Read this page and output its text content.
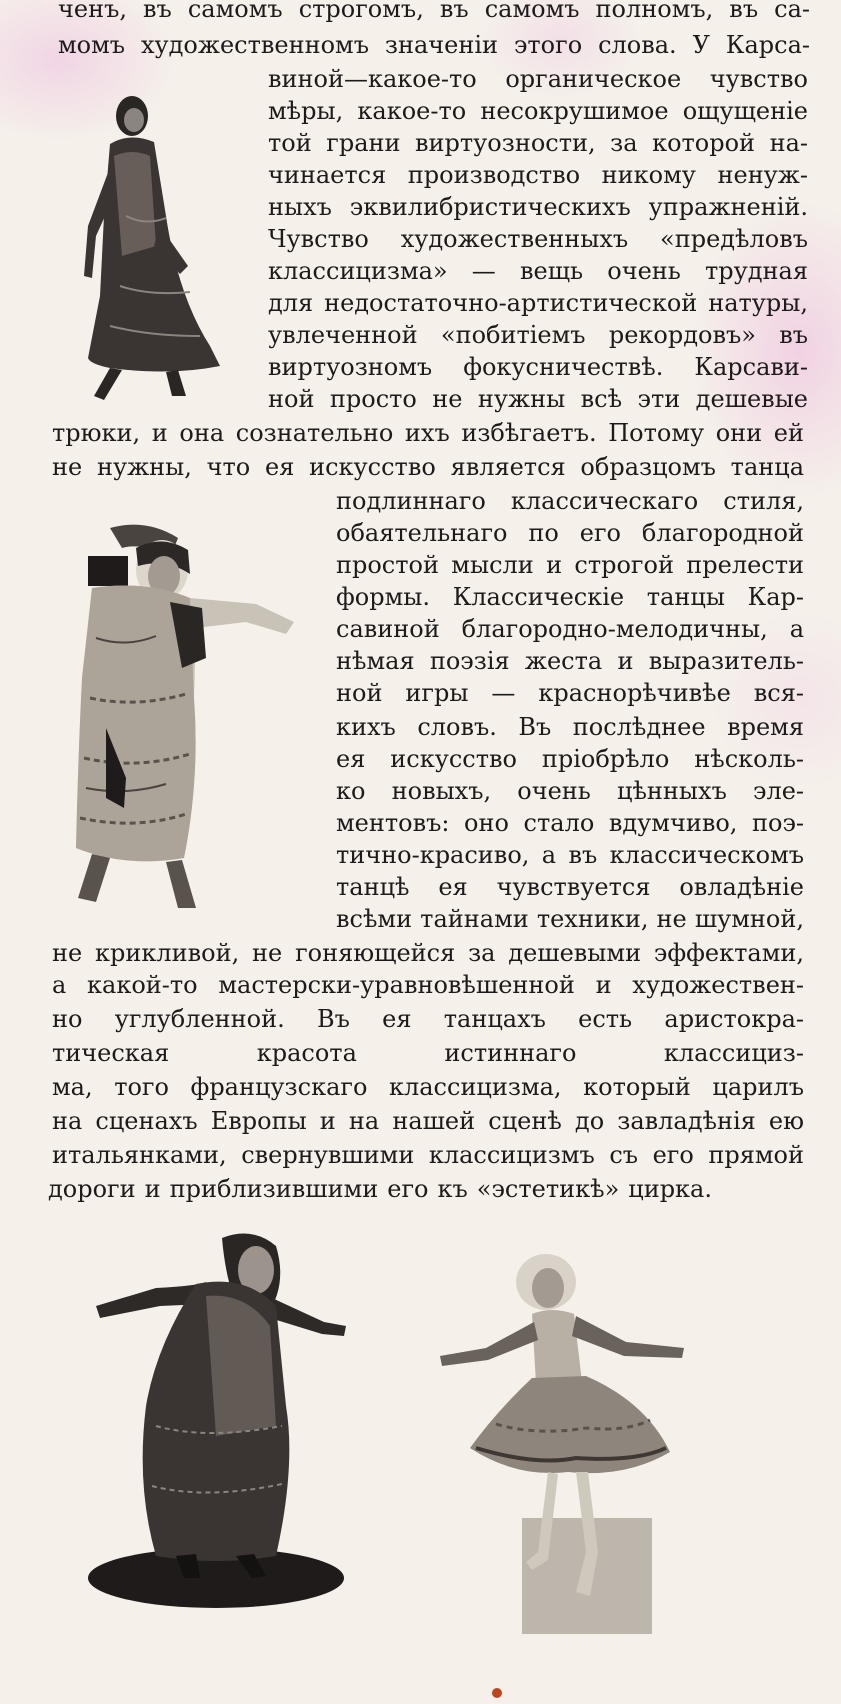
ченъ, въ самомъ строгомъ, въ самомъ полномъ, въ са-
момъ художественномъ значеніи этого слова. У Карса-
виной—какое-то органическое чувство
мѣры, какое-то несокрушимое ощущеніе
той грани виртуозности, за которой на-
чинается производство никому ненуж-
ныхъ эквилибристическихъ упражненій.
Чувство художественныхъ «предѣловъ
классицизма» — вещь очень трудная
для недостаточно-артистической натуры,
увлеченной «побитіемъ рекордовъ» въ
виртуозномъ фокусничествѣ. Карсави-
ной просто не нужны всѣ эти дешевые
трюки, и она сознательно ихъ избѣгаетъ. Потому они ей
не нужны, что ея искусство является образцомъ танца
подлиннаго классическаго стиля,
обаятельнаго по его благородной
простой мысли и строгой прелести
формы. Классическіе танцы Кар-
савиной благородно-мелодичны, а
нѣмая поэзія жеста и выразитель-
ной игры — краснорѣчивѣе вся-
кихъ словъ. Въ послѣднее время
ея искусство пріобрѣло нѣсколь-
ко новыхъ, очень цѣнныхъ эле-
ментовъ: оно стало вдумчиво, поэ-
тично-красиво, а въ классическомъ
танцѣ ея чувствуется овладѣніе
всѣми тайнами техники, не шумной,
не крикливой, не гоняющейся за дешевыми эффектами,
а какой-то мастерски-уравновѣшенной и художествен-
но углубленной. Въ ея танцахъ есть аристокра-
тическая красота истиннаго классициз-
ма, того французскаго классицизма, который царилъ
на сценахъ Европы и на нашей сценѣ до завладѣнія ею
итальянками, свернувшими классицизмъ съ его прямой
дороги и приблизившими его къ «эстетикѣ» цирка.
